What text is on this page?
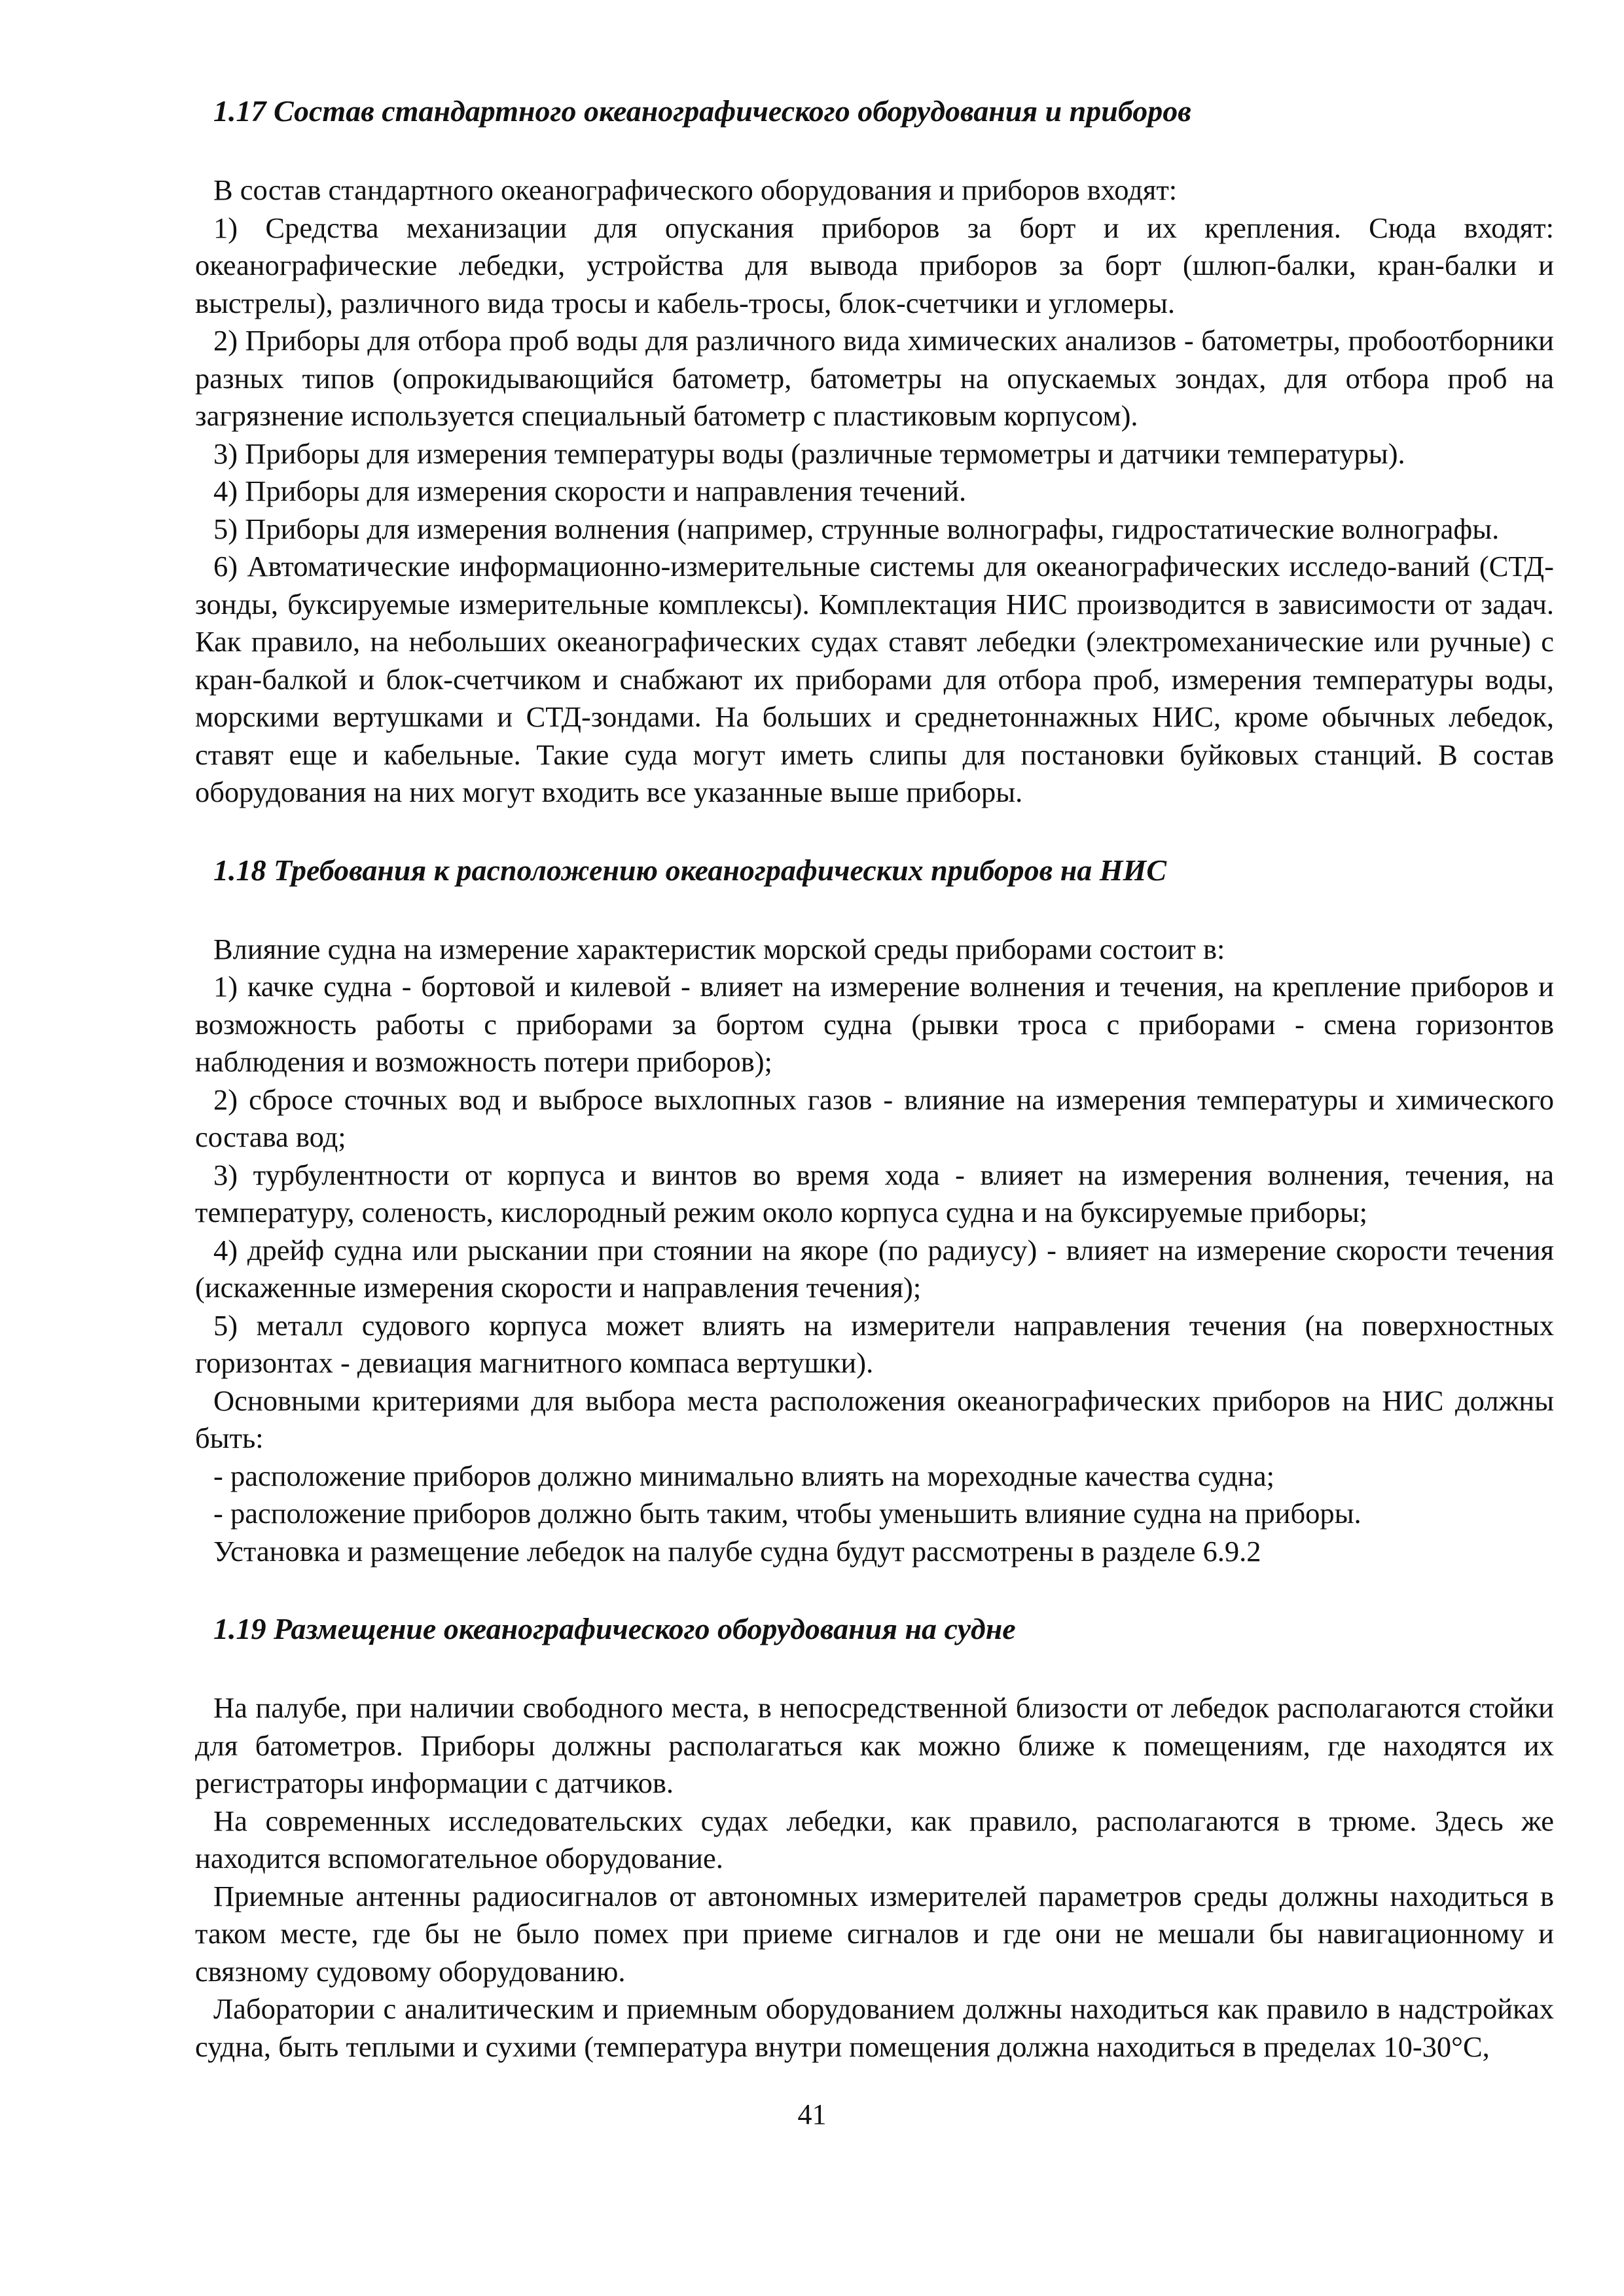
1.17 Состав стандартного океанографического оборудования и приборов

В состав стандартного океанографического оборудования и приборов входят:

1) Средства механизации для опускания приборов за борт и их крепления. Сюда входят: океанографические лебедки, устройства для вывода приборов за борт (шлюп-балки, кран-балки и выстрелы), различного вида тросы и кабель-тросы, блок-счетчики и угломеры.

2) Приборы для отбора проб воды для различного вида химических анализов - батометры, пробоотборники разных типов (опрокидывающийся батометр, батометры на опускаемых зондах, для отбора проб на загрязнение используется специальный батометр с пластиковым корпусом).

3) Приборы для измерения температуры воды (различные термометры и датчики температуры).

4) Приборы для измерения скорости и направления течений.

5) Приборы для измерения волнения (например, струнные волнографы, гидростатические волнографы.

6) Автоматические информационно-измерительные системы для океанографических исследо-ваний (СТД-зонды, буксируемые измерительные комплексы). Комплектация НИС производится в зависимости от задач. Как правило, на небольших океанографических судах ставят лебедки (электромеханические или ручные) с кран-балкой и блок-счетчиком и снабжают их приборами для отбора проб, измерения температуры воды, морскими вертушками и СТД-зондами. На больших и среднетоннажных НИС, кроме обычных лебедок, ставят еще и кабельные. Такие суда могут иметь слипы для постановки буйковых станций. В состав оборудования на них могут входить все указанные выше приборы.

1.18 Требования к расположению океанографических приборов на НИС

Влияние судна на измерение характеристик морской среды приборами состоит в:

1) качке судна - бортовой и килевой - влияет на измерение волнения и течения, на крепление приборов и возможность работы с приборами за бортом судна (рывки троса с приборами - смена горизонтов наблюдения и возможность потери приборов);

2) сбросе сточных вод и выбросе выхлопных газов - влияние на измерения температуры и химического состава вод;

3) турбулентности от корпуса и винтов во время хода - влияет на измерения волнения, течения, на температуру, соленость, кислородный режим около корпуса судна и на буксируемые приборы;

4) дрейф судна или рыскании при стоянии на якоре (по радиусу) - влияет на измерение скорости течения (искаженные измерения скорости и направления течения);

5) металл судового корпуса может влиять на измерители направления течения (на поверхностных горизонтах - девиация магнитного компаса вертушки).

Основными критериями для выбора места расположения океанографических приборов на НИС должны быть:

- расположение приборов должно минимально влиять на мореходные качества судна;

- расположение приборов должно быть таким, чтобы уменьшить влияние судна на приборы.

Установка и размещение лебедок на палубе судна будут рассмотрены в разделе 6.9.2

1.19 Размещение океанографического оборудования на судне

На палубе, при наличии свободного места, в непосредственной близости от лебедок располагаются стойки для батометров. Приборы должны располагаться как можно ближе к помещениям, где находятся их регистраторы информации с датчиков.

На современных исследовательских судах лебедки, как правило, располагаются в трюме. Здесь же находится вспомогательное оборудование.

Приемные антенны радиосигналов от автономных измерителей параметров среды должны находиться в таком месте, где бы не было помех при приеме сигналов и где они не мешали бы навигационному и связному судовому оборудованию.

Лаборатории с аналитическим и приемным оборудованием должны находиться как правило в надстройках судна, быть теплыми и сухими (температура внутри помещения должна находиться в пределах 10-30°С,

41
